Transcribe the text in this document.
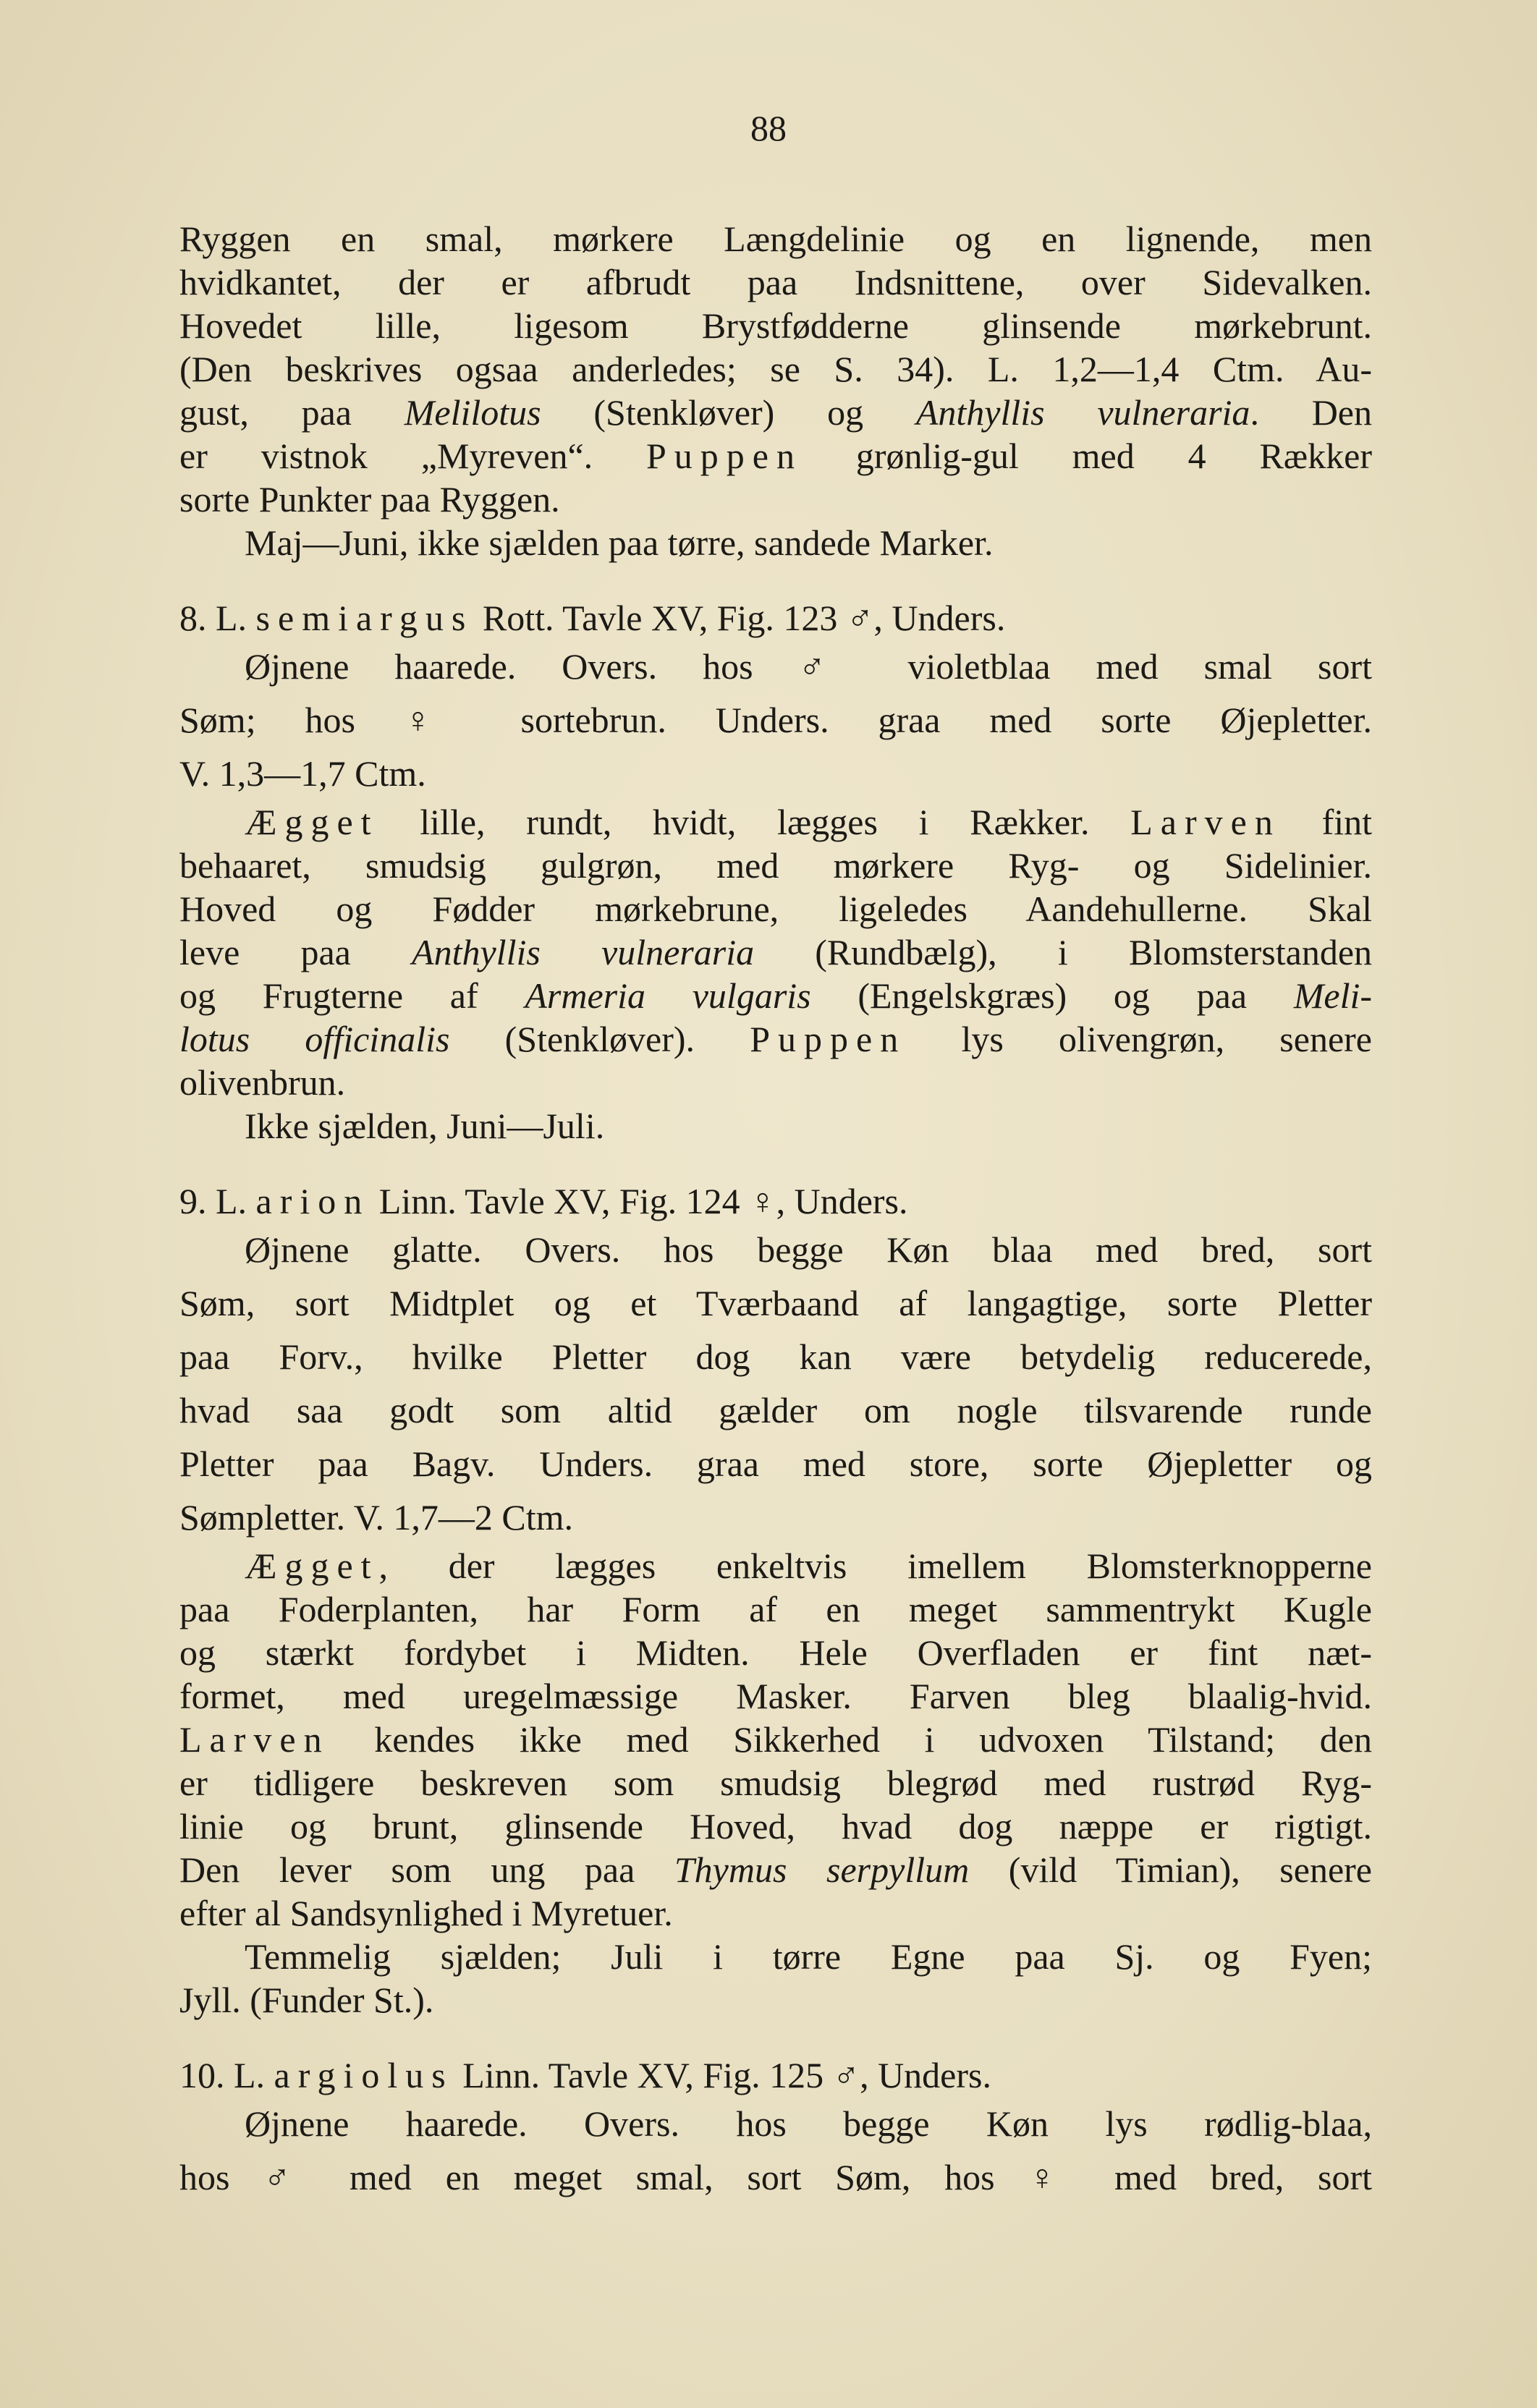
88
Ryggen en smal, mørkere Længdelinie og en lignende, men
hvidkantet, der er afbrudt paa Indsnittene, over Sidevalken.
Hovedet lille, ligesom Brystfødderne glinsende mørkebrunt.
(Den beskrives ogsaa anderledes; se S. 34). L. 1,2—1,4 Ctm. Au-
gust, paa Melilotus (Stenkløver) og Anthyllis vulneraria. Den
er vistnok „Myreven“. Puppen grønlig-gul med 4 Rækker
sorte Punkter paa Ryggen.
Maj—Juni, ikke sjælden paa tørre, sandede Marker.
8. L. semiargus Rott. Tavle XV, Fig. 123 ♂, Unders.
Øjnene haarede. Overs. hos ♂ violetblaa med smal sort
Søm; hos ♀ sortebrun. Unders. graa med sorte Øjepletter.
V. 1,3—1,7 Ctm.
Ægget lille, rundt, hvidt, lægges i Rækker. Larven fint
behaaret, smudsig gulgrøn, med mørkere Ryg- og Sidelinier.
Hoved og Fødder mørkebrune, ligeledes Aandehullerne. Skal
leve paa Anthyllis vulneraria (Rundbælg), i Blomsterstanden
og Frugterne af Armeria vulgaris (Engelskgræs) og paa Meli-
lotus officinalis (Stenkløver). Puppen lys olivengrøn, senere
olivenbrun.
Ikke sjælden, Juni—Juli.
9. L. arion Linn. Tavle XV, Fig. 124 ♀, Unders.
Øjnene glatte. Overs. hos begge Køn blaa med bred, sort
Søm, sort Midtplet og et Tværbaand af langagtige, sorte Pletter
paa Forv., hvilke Pletter dog kan være betydelig reducerede,
hvad saa godt som altid gælder om nogle tilsvarende runde
Pletter paa Bagv. Unders. graa med store, sorte Øjepletter og
Sømpletter. V. 1,7—2 Ctm.
Ægget, der lægges enkeltvis imellem Blomsterknopperne
paa Foderplanten, har Form af en meget sammentrykt Kugle
og stærkt fordybet i Midten. Hele Overfladen er fint næt-
formet, med uregelmæssige Masker. Farven bleg blaalig-hvid.
Larven kendes ikke med Sikkerhed i udvoxen Tilstand; den
er tidligere beskreven som smudsig blegrød med rustrød Ryg-
linie og brunt, glinsende Hoved, hvad dog næppe er rigtigt.
Den lever som ung paa Thymus serpyllum (vild Timian), senere
efter al Sandsynlighed i Myretuer.
Temmelig sjælden; Juli i tørre Egne paa Sj. og Fyen;
Jyll. (Funder St.).
10. L. argiolus Linn. Tavle XV, Fig. 125 ♂, Unders.
Øjnene haarede. Overs. hos begge Køn lys rødlig-blaa,
hos ♂ med en meget smal, sort Søm, hos ♀ med bred, sort
